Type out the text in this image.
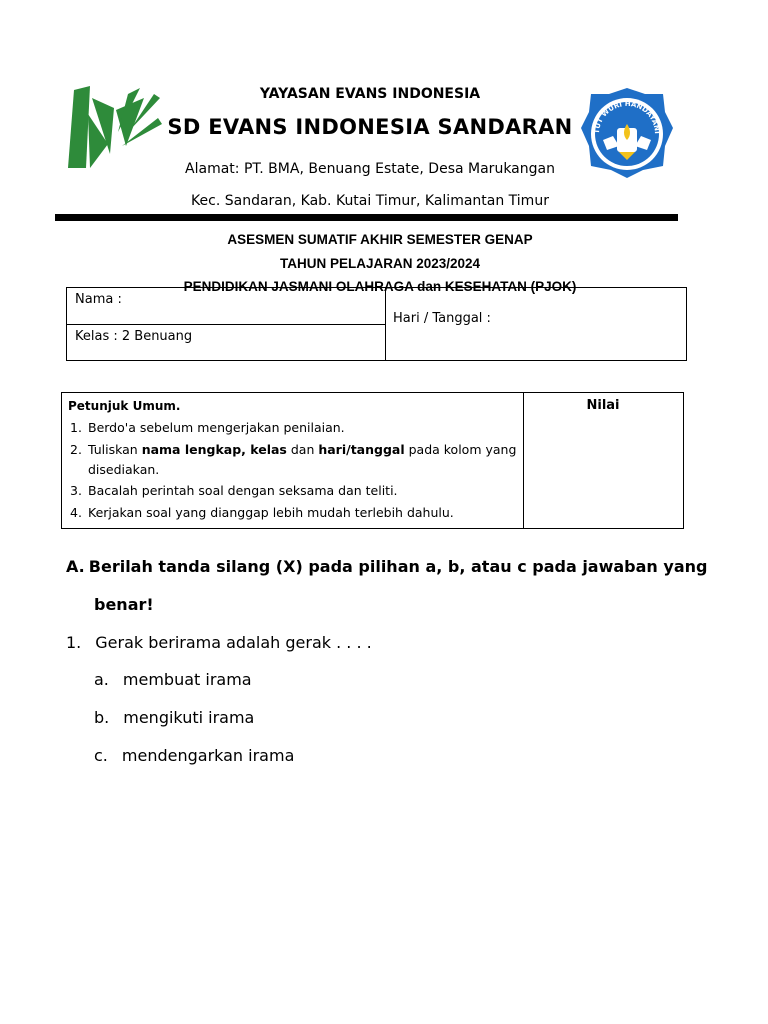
TUT WURI HANDAYANI
YAYASAN EVANS INDONESIA
SD EVANS INDONESIA SANDARAN
Alamat: PT. BMA, Benuang Estate, Desa Marukangan
Kec. Sandaran, Kab. Kutai Timur, Kalimantan Timur
ASESMEN SUMATIF AKHIR SEMESTER GENAP
TAHUN PELAJARAN 2023/2024
PENDIDIKAN JASMANI OLAHRAGA dan KESEHATAN (PJOK)
Nama :
Kelas : 2 Benuang
Hari / Tanggal :
Petunjuk Umum.	Nilai
1. Berdo'a sebelum mengerjakan penilaian.
2. Tuliskan nama lengkap, kelas dan hari/tanggal pada kolom yang
disediakan.
3. Bacalah perintah soal dengan seksama dan teliti.
4. Kerjakan soal yang dianggap lebih mudah terlebih dahulu.
A. Berilah tanda silang (X) pada pilihan a, b, atau c pada jawaban yang
benar!
1. Gerak berirama adalah gerak . . . .
a. membuat irama
b. mengikuti irama
c. mendengarkan irama
